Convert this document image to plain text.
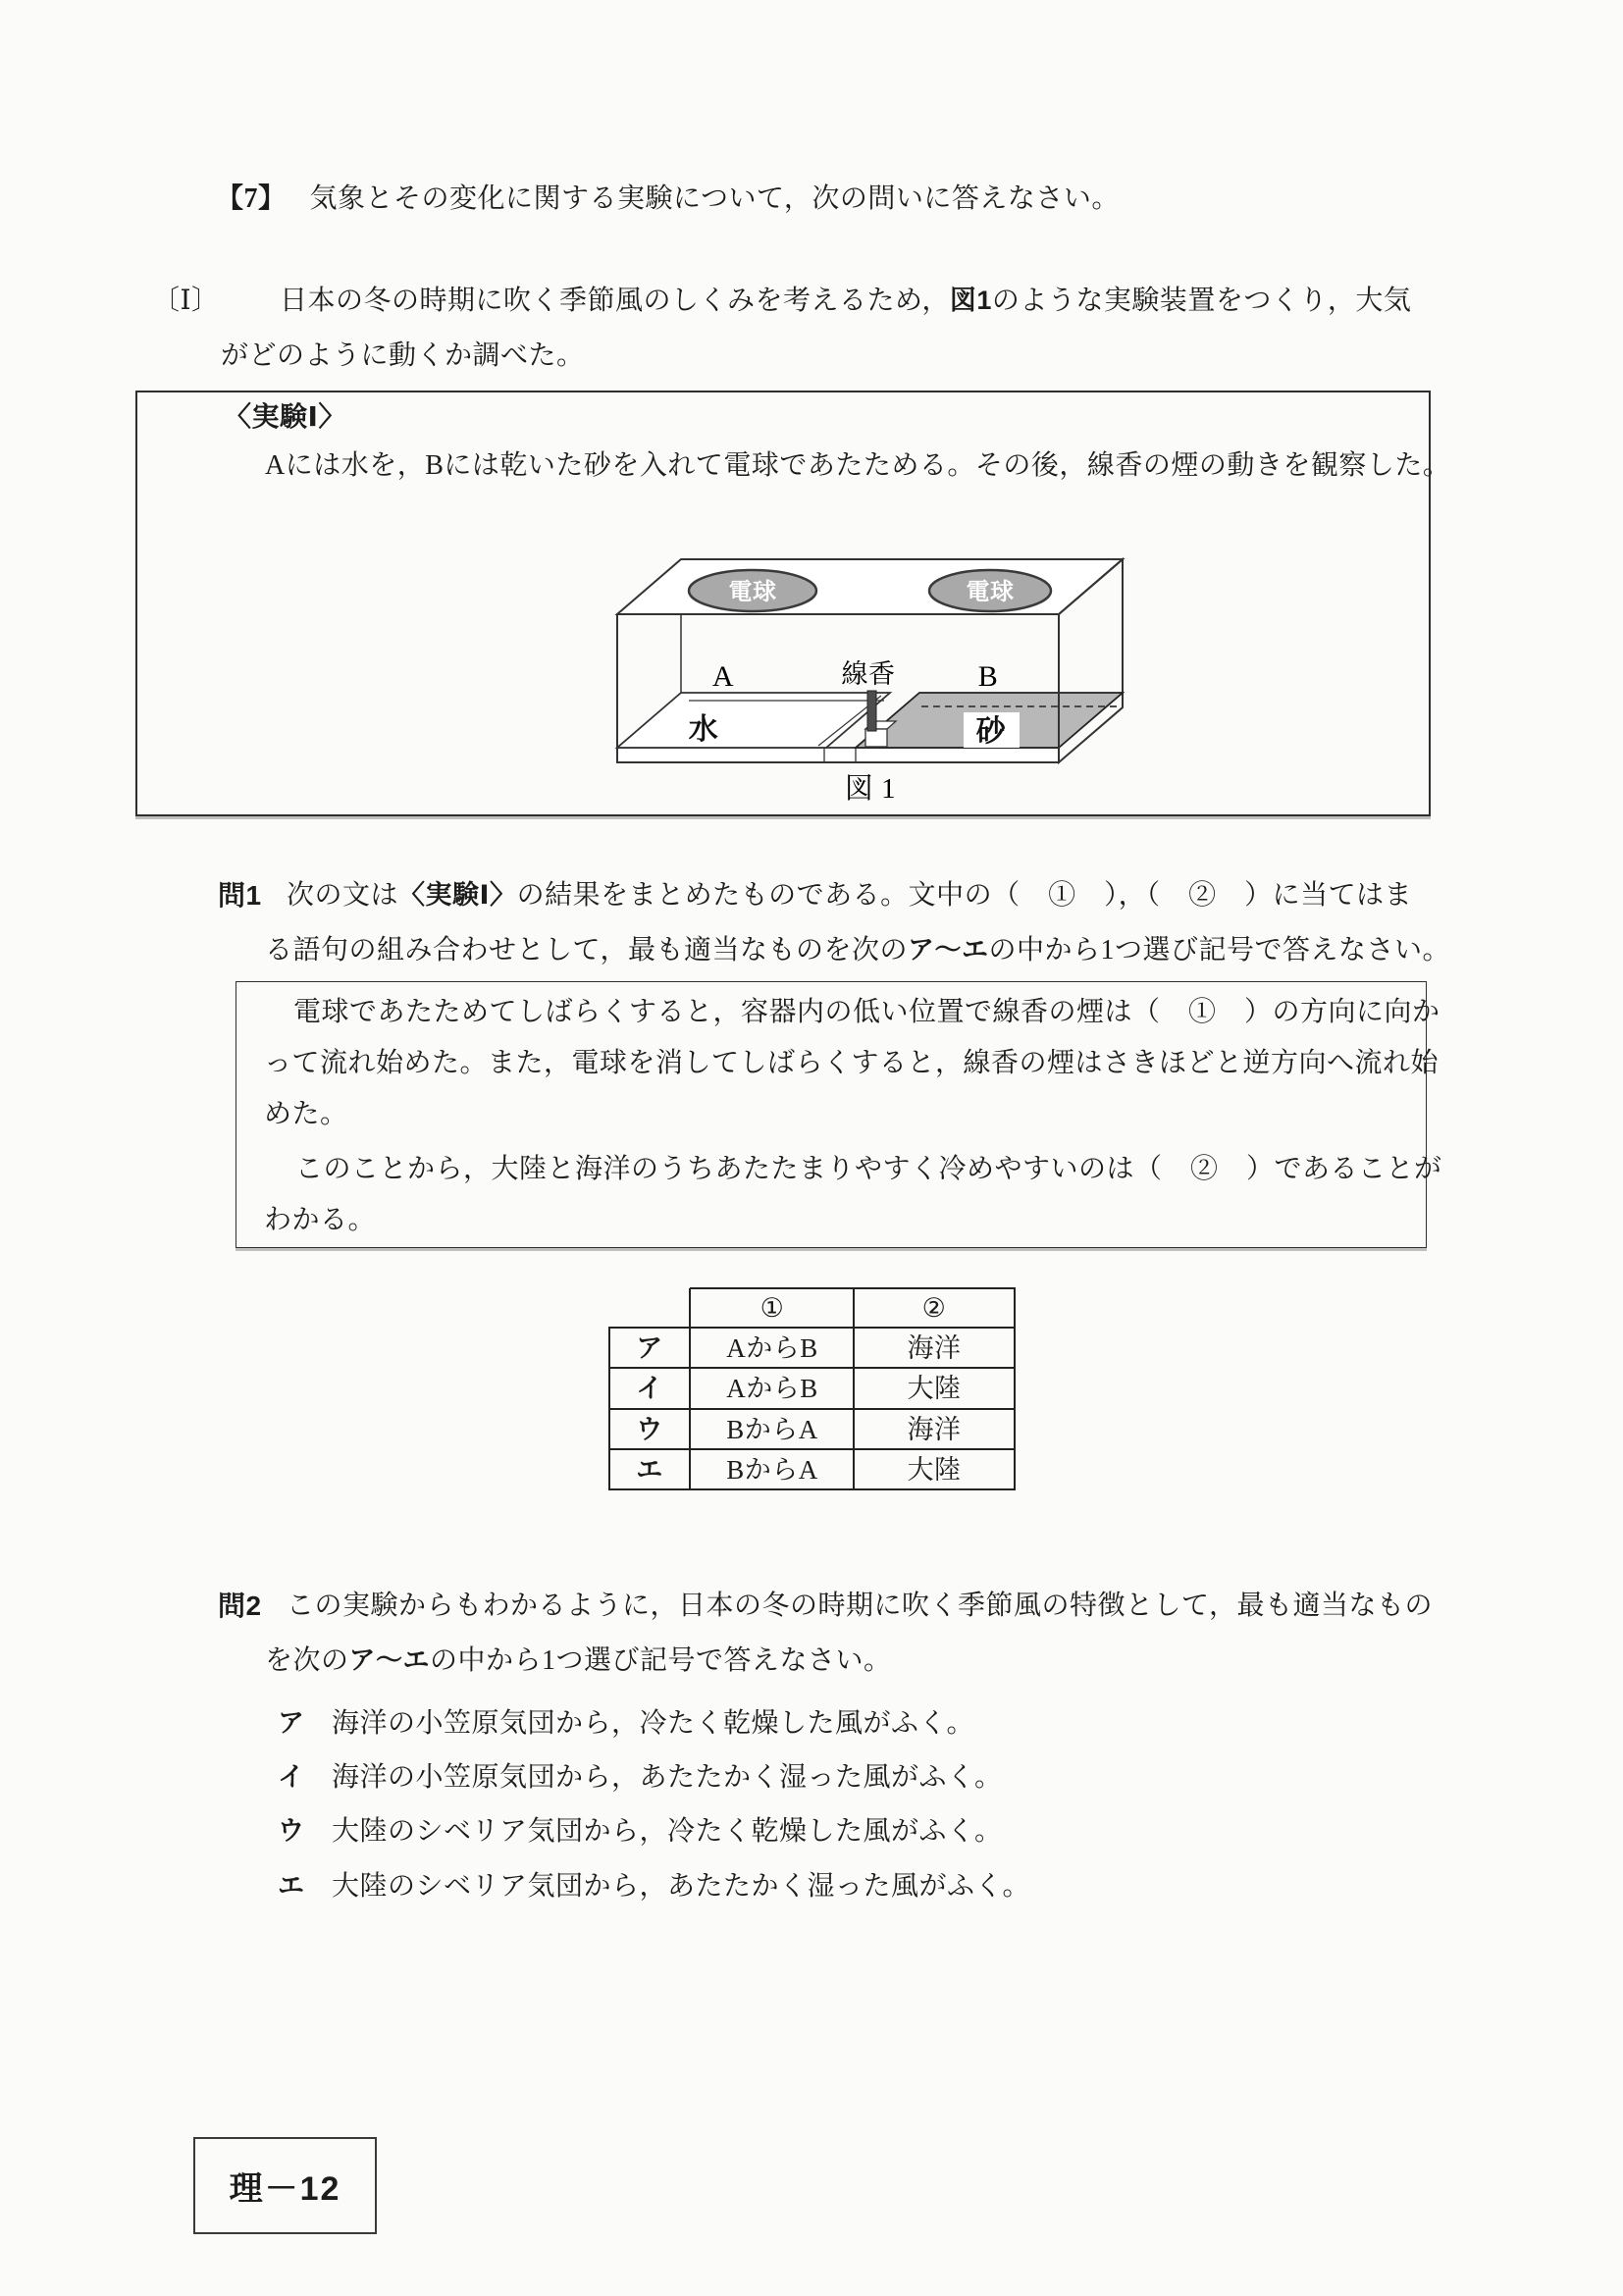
【7】 気象とその変化に関する実験について，次の問いに答えなさい。
〔Ⅰ〕 日本の冬の時期に吹く季節風のしくみを考えるため，図1のような実験装置をつくり，大気
がどのように動くか調べた。
〈実験Ⅰ〉
Aには水を，Bには乾いた砂を入れて電球であたためる。その後，線香の煙の動きを観察した。
電球	電球
水	砂
A	線香	B
図 1
問1 次の文は〈実験Ⅰ〉の結果をまとめたものである。文中の（　①　），（　②　）に当てはま
る語句の組み合わせとして，最も適当なものを次のア～エの中から1つ選び記号で答えなさい。
電球であたためてしばらくすると，容器内の低い位置で線香の煙は（　①　）の方向に向か
って流れ始めた。また，電球を消してしばらくすると，線香の煙はさきほどと逆方向へ流れ始
めた。
このことから，大陸と海洋のうちあたたまりやすく冷めやすいのは（　②　）であることが
わかる。
①	②
ア AからB	海洋
イ AからB	大陸
ウ BからA	海洋
エ BからA	大陸
問2 この実験からもわかるように，日本の冬の時期に吹く季節風の特徴として，最も適当なもの
を次のア～エの中から1つ選び記号で答えなさい。
ア 海洋の小笠原気団から，冷たく乾燥した風がふく。
イ 海洋の小笠原気団から，あたたかく湿った風がふく。
ウ 大陸のシベリア気団から，冷たく乾燥した風がふく。
エ 大陸のシベリア気団から，あたたかく湿った風がふく。
理－12
